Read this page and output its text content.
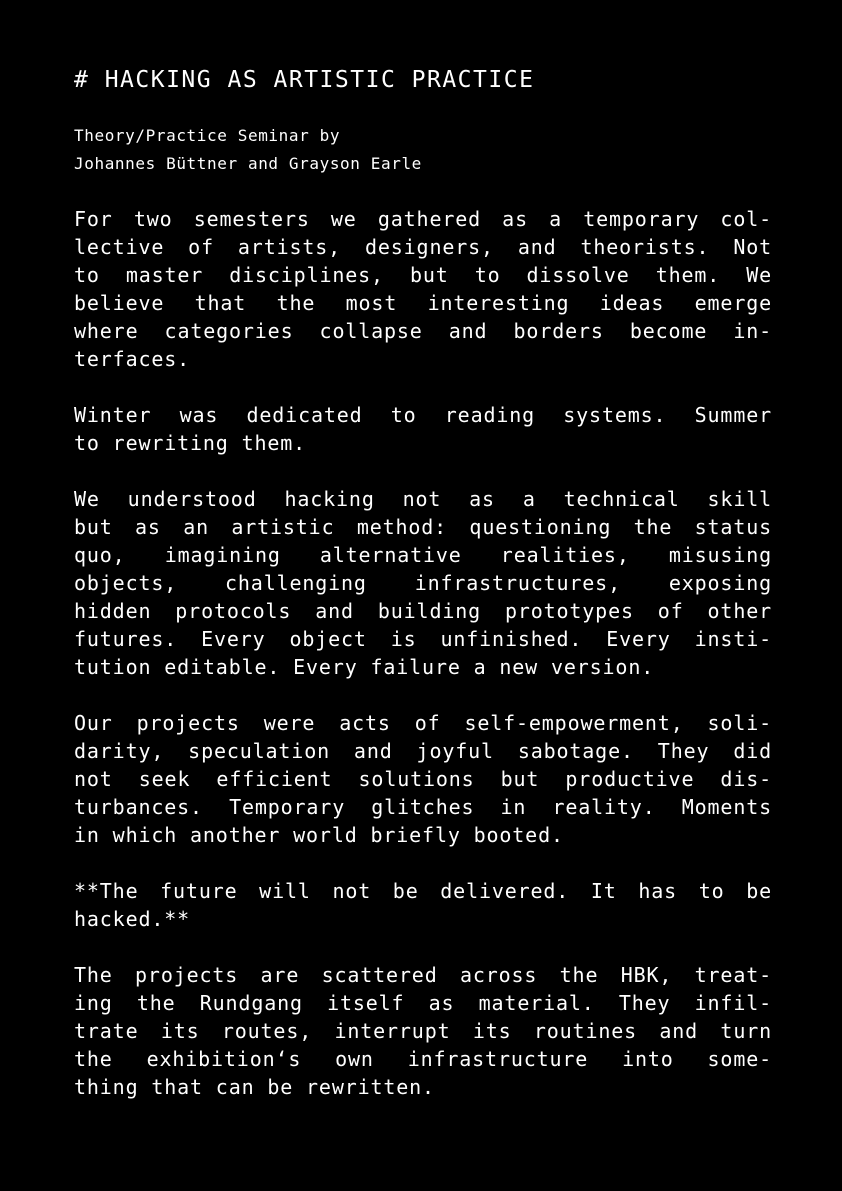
# HACKING AS ARTISTIC PRACTICE
Theory/Practice Seminar by
Johannes Büttner and Grayson Earle
For two semesters we gathered as a temporary col-
lective of artists, designers, and theorists. Not
to master disciplines, but to dissolve them. We
believe that the most interesting ideas emerge
where categories collapse and borders become in-
terfaces.
Winter was dedicated to reading systems. Summer
to rewriting them.
We understood hacking not as a technical skill
but as an artistic method: questioning the status
quo, imagining alternative realities, misusing
objects, challenging infrastructures, exposing
hidden protocols and building prototypes of other
futures. Every object is unfinished. Every insti-
tution editable. Every failure a new version.
Our projects were acts of self-empowerment, soli-
darity, speculation and joyful sabotage. They did
not seek efficient solutions but productive dis-
turbances. Temporary glitches in reality. Moments
in which another world briefly booted.
**The future will not be delivered. It has to be
hacked.**
The projects are scattered across the HBK, treat-
ing the Rundgang itself as material. They infil-
trate its routes, interrupt its routines and turn
the exhibition‘s own infrastructure into some-
thing that can be rewritten.
